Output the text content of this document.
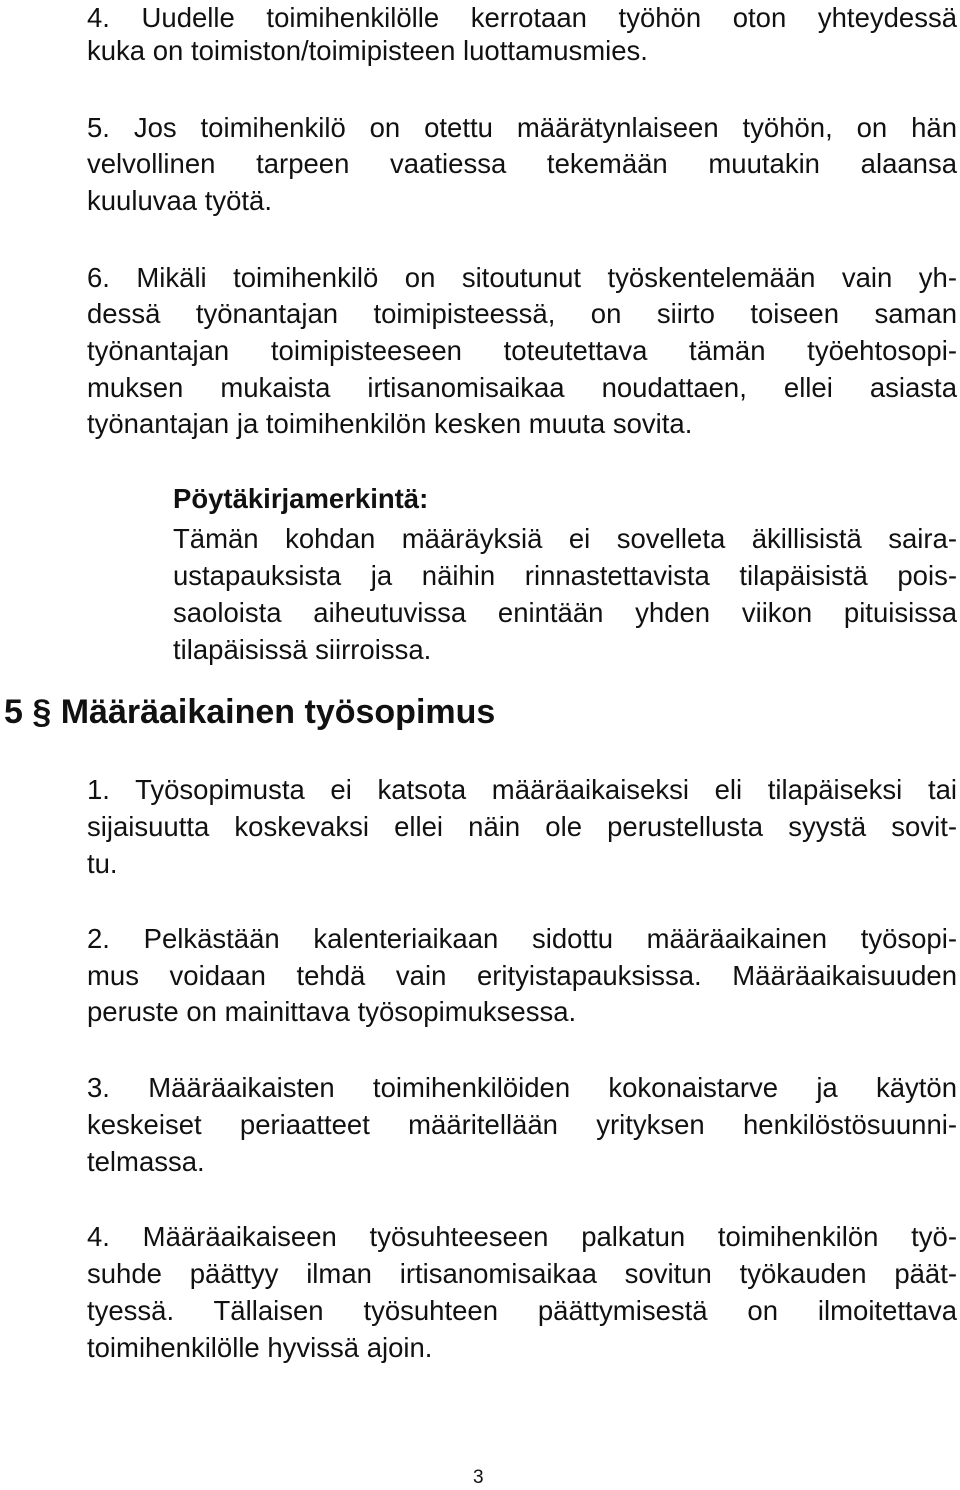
4. Uudelle toimihenkilölle kerrotaan työhön oton yhteydessä
kuka on toimiston/toimipisteen luottamusmies.
5. Jos toimihenkilö on otettu määrätynlaiseen työhön, on hän
velvollinen tarpeen vaatiessa tekemään muutakin alaansa
kuuluvaa työtä.
6. Mikäli toimihenkilö on sitoutunut työskentelemään vain yh-
dessä työnantajan toimipisteessä, on siirto toiseen saman
työnantajan toimipisteeseen toteutettava tämän työehtosopi-
muksen mukaista irtisanomisaikaa noudattaen, ellei asiasta
työnantajan ja toimihenkilön kesken muuta sovita.
Pöytäkirjamerkintä:
Tämän kohdan määräyksiä ei sovelleta äkillisistä saira-
ustapauksista ja näihin rinnastettavista tilapäisistä pois-
saoloista aiheutuvissa enintään yhden viikon pituisissa
tilapäisissä siirroissa.
5 § Määräaikainen työsopimus
1. Työsopimusta ei katsota määräaikaiseksi eli tilapäiseksi tai
sijaisuutta koskevaksi ellei näin ole perustellusta syystä sovit-
tu.
2. Pelkästään kalenteriaikaan sidottu määräaikainen työsopi-
mus voidaan tehdä vain erityistapauksissa. Määräaikaisuuden
peruste on mainittava työsopimuksessa.
3. Määräaikaisten toimihenkilöiden kokonaistarve ja käytön
keskeiset periaatteet määritellään yrityksen henkilöstösuunni-
telmassa.
4. Määräaikaiseen työsuhteeseen palkatun toimihenkilön työ-
suhde päättyy ilman irtisanomisaikaa sovitun työkauden päät-
tyessä. Tällaisen työsuhteen päättymisestä on ilmoitettava
toimihenkilölle hyvissä ajoin.
3
